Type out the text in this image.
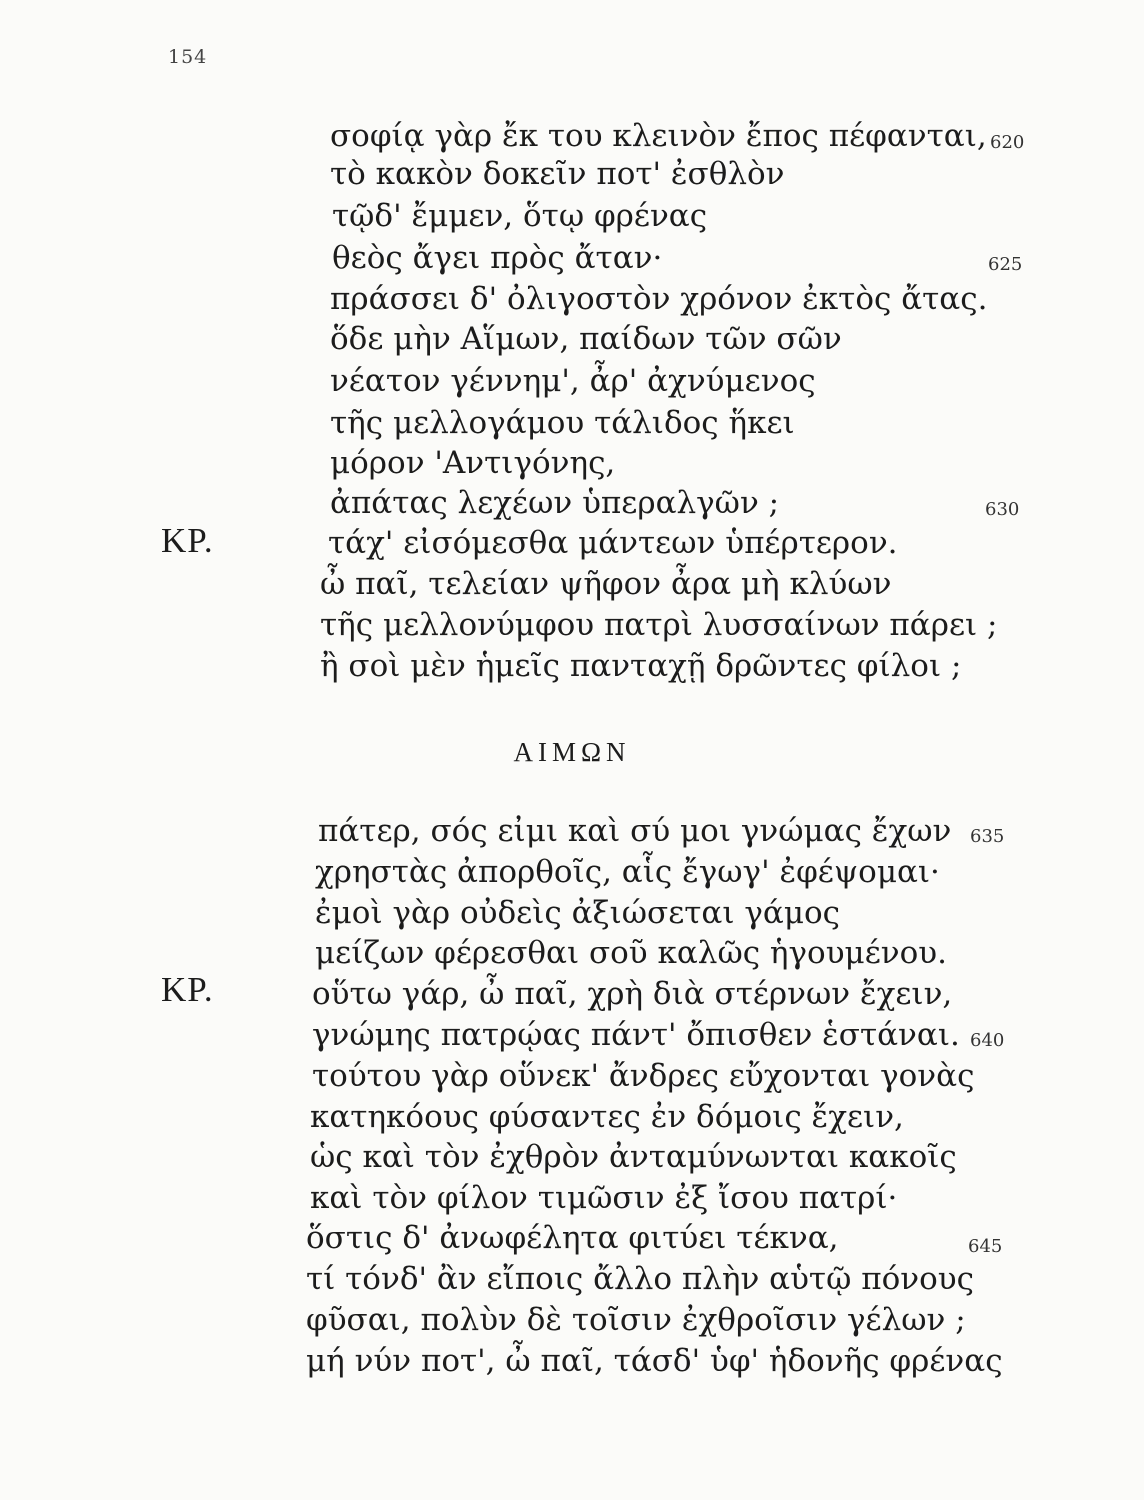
154
σοφίᾳ γὰρ ἔκ του κλεινὸν ἔπος πέφανται,
τὸ κακὸν δοκεῖν ποτ' ἐσθλὸν
τῷδ' ἔμμεν, ὅτῳ φρένας
θεὸς ἄγει πρὸς ἄταν·
πράσσει δ' ὀλιγοστὸν χρόνον ἐκτὸς ἄτας.
ὅδε μὴν Αἵμων, παίδων τῶν σῶν
νέατον γέννημ', ἆρ' ἀχνύμενος
τῆς μελλογάμου τάλιδος ἥκει
μόρον 'Αντιγόνης,
ἀπάτας λεχέων ὑπεραλγῶν ;
τάχ' εἰσόμεσθα μάντεων ὑπέρτερον.
ὦ παῖ, τελείαν ψῆφον ἆρα μὴ κλύων
τῆς μελλονύμφου πατρὶ λυσσαίνων πάρει ;
ἢ σοὶ μὲν ἡμεῖς πανταχῇ δρῶντες φίλοι ;
620
625
630
ΚΡ.
ΑΙΜΩΝ
πάτερ, σός εἰμι καὶ σύ μοι γνώμας ἔχων
χρηστὰς ἀπορθοῖς, αἷς ἔγωγ' ἐφέψομαι·
ἐμοὶ γὰρ οὐδεὶς ἀξιώσεται γάμος
μείζων φέρεσθαι σοῦ καλῶς ἡγουμένου.
οὕτω γάρ, ὦ παῖ, χρὴ διὰ στέρνων ἔχειν,
γνώμης πατρῴας πάντ' ὄπισθεν ἑστάναι.
τούτου γὰρ οὕνεκ' ἄνδρες εὔχονται γονὰς
κατηκόους φύσαντες ἐν δόμοις ἔχειν,
ὡς καὶ τὸν ἐχθρὸν ἀνταμύνωνται κακοῖς
καὶ τὸν φίλον τιμῶσιν ἐξ ἴσου πατρί·
ὅστις δ' ἀνωφέλητα φιτύει τέκνα,
τί τόνδ' ἂν εἴποις ἄλλο πλὴν αὑτῷ πόνους
φῦσαι, πολὺν δὲ τοῖσιν ἐχθροῖσιν γέλων ;
μή νύν ποτ', ὦ παῖ, τάσδ' ὑφ' ἡδονῆς φρένας
635
640
645
ΚΡ.
